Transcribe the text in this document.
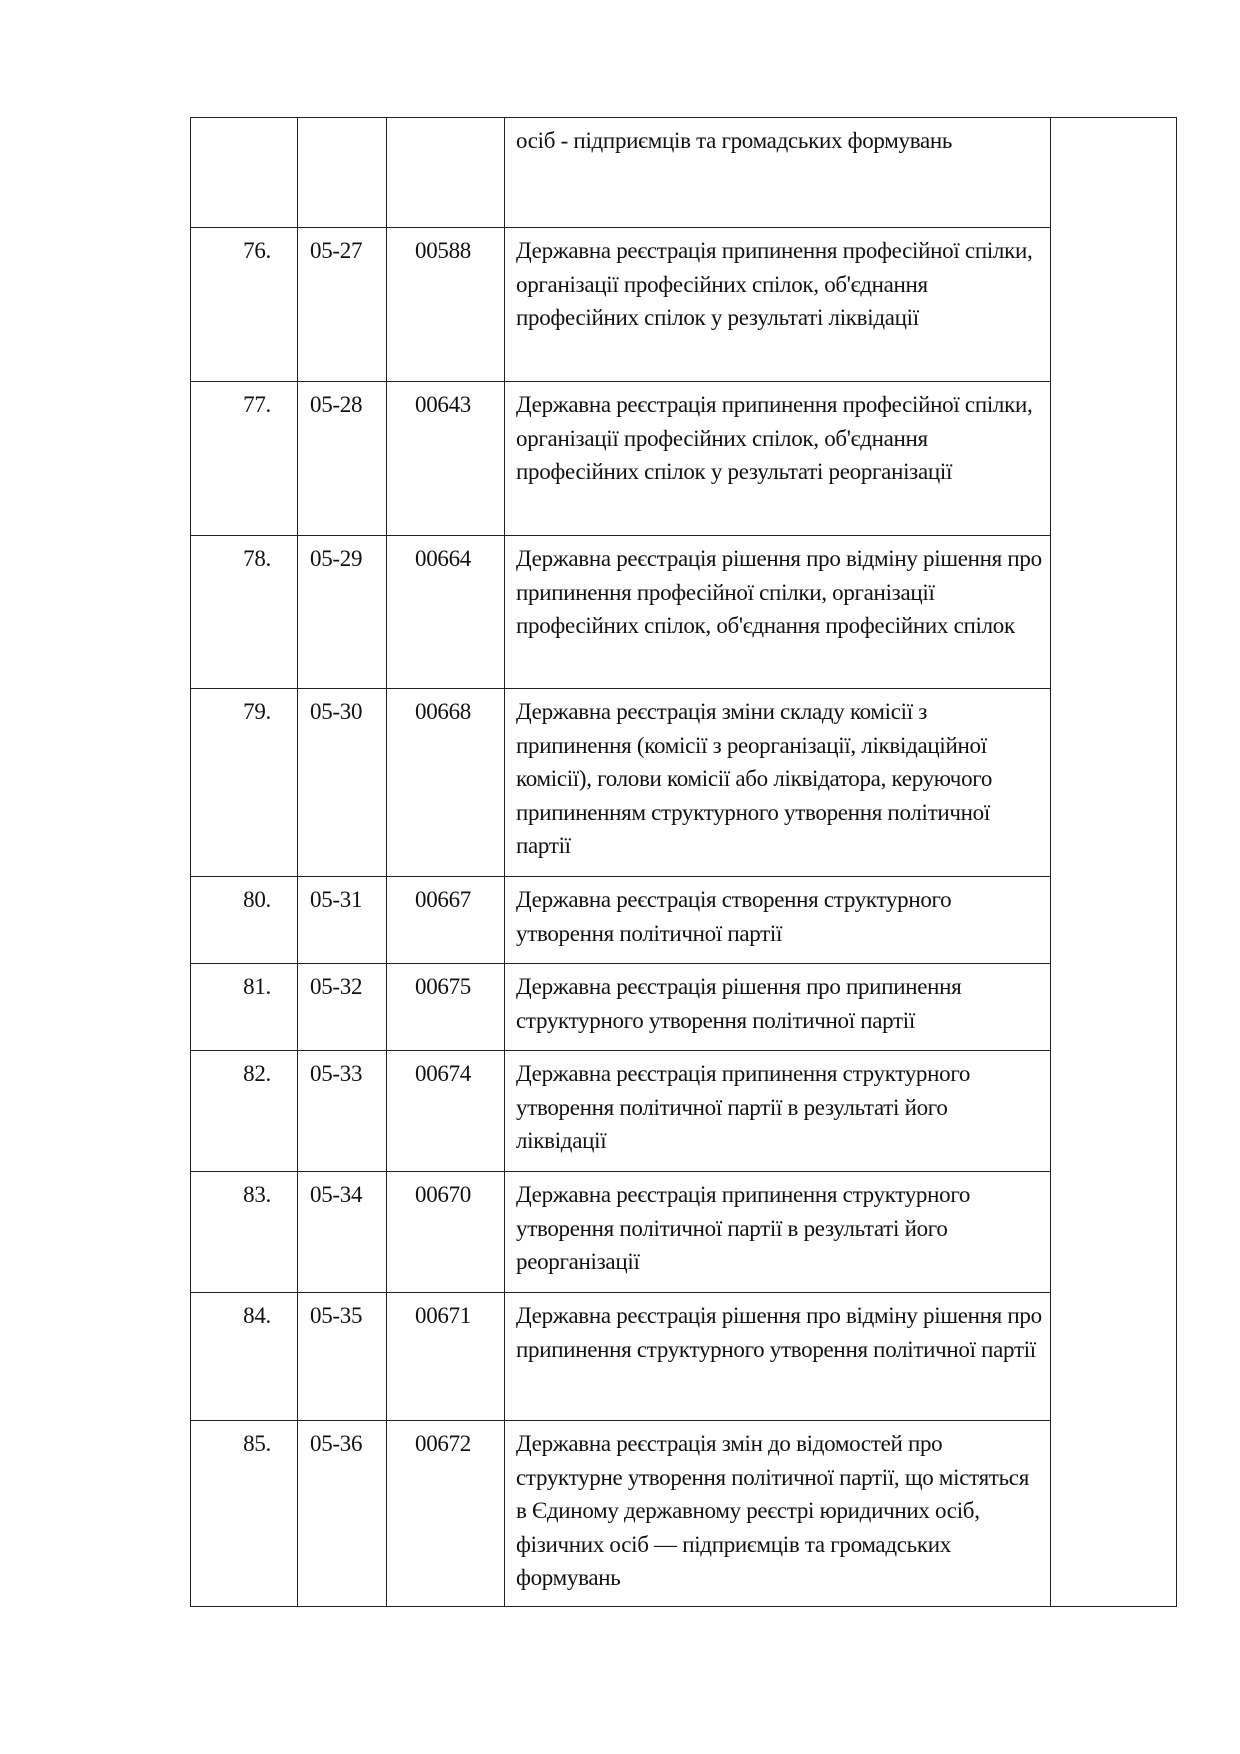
			осіб - підприємців та громадських формувань	
76.	05-27	00588	Державна реєстрація припинення професійної спілки, організації професійних спілок, об'єднання професійних спілок у результаті ліквідації	
77.	05-28	00643	Державна реєстрація припинення професійної спілки, організації професійних спілок, об'єднання професійних спілок у результаті реорганізації	
78.	05-29	00664	Державна реєстрація рішення про відміну рішення про припинення професійної спілки, організації професійних спілок, об'єднання професійних спілок	
79.	05-30	00668	Державна реєстрація зміни складу комісії з припинення (комісії з реорганізації, ліквідаційної комісії), голови комісії або ліквідатора, керуючого припиненням структурного утворення політичної партії	
80.	05-31	00667	Державна реєстрація створення структурного утворення політичної партії	
81.	05-32	00675	Державна реєстрація рішення про припинення структурного утворення політичної партії	
82.	05-33	00674	Державна реєстрація припинення структурного утворення політичної партії в результаті його ліквідації	
83.	05-34	00670	Державна реєстрація припинення структурного утворення політичної партії в результаті його реорганізації	
84.	05-35	00671	Державна реєстрація рішення про відміну рішення про припинення структурного утворення політичної партії	
85.	05-36	00672	Державна реєстрація змін до відомостей про структурне утворення політичної партії, що містяться в Єдиному державному реєстрі юридичних осіб, фізичних осіб — підприємців та громадських формувань	
